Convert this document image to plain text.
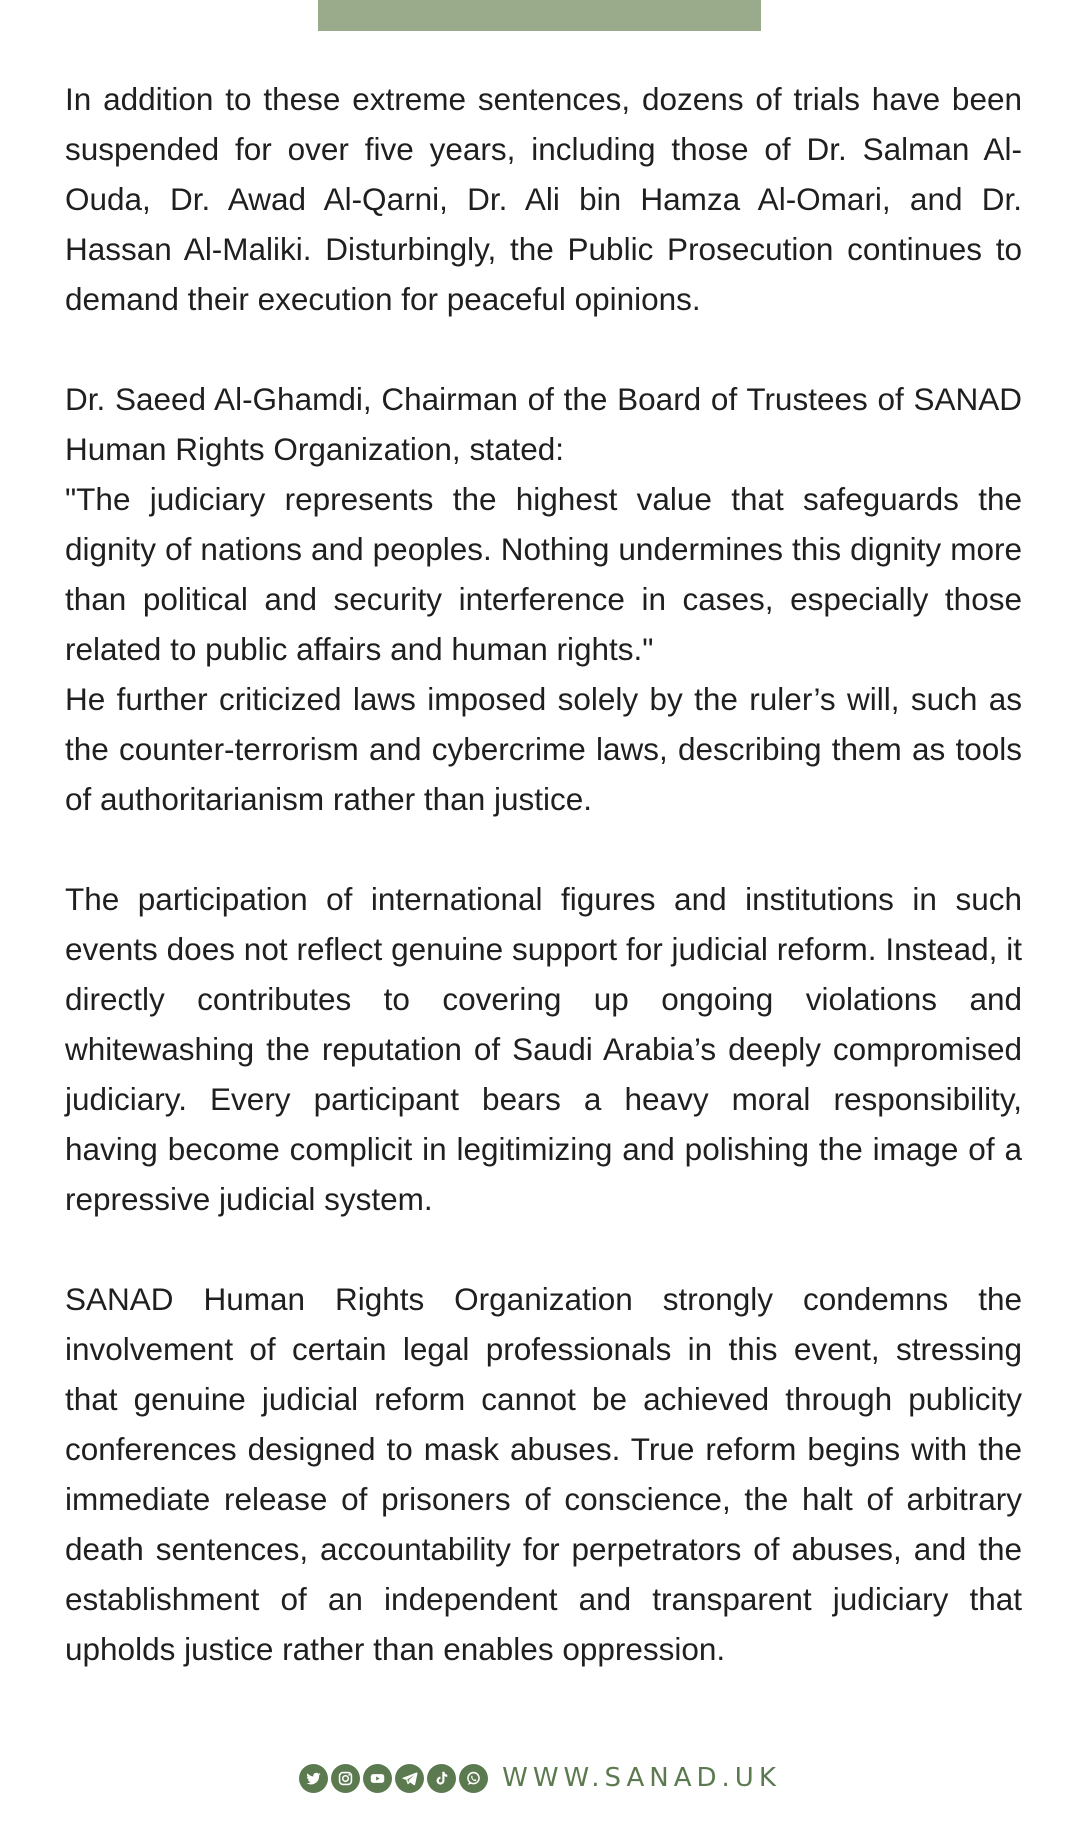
In addition to these extreme sentences, dozens of trials have been suspended for over five years, including those of Dr. Salman Al-Ouda, Dr. Awad Al-Qarni, Dr. Ali bin Hamza Al-Omari, and Dr. Hassan Al-Maliki. Disturbingly, the Public Prosecution continues to demand their execution for peaceful opinions.

Dr. Saeed Al-Ghamdi, Chairman of the Board of Trustees of SANAD Human Rights Organization, stated:

"The judiciary represents the highest value that safeguards the dignity of nations and peoples. Nothing undermines this dignity more than political and security interference in cases, especially those related to public affairs and human rights."

He further criticized laws imposed solely by the ruler’s will, such as the counter-terrorism and cybercrime laws, describing them as tools of authoritarianism rather than justice.

The participation of international figures and institutions in such events does not reflect genuine support for judicial reform. Instead, it directly contributes to covering up ongoing violations and whitewashing the reputation of Saudi Arabia’s deeply compromised judiciary. Every participant bears a heavy moral responsibility, having become complicit in legitimizing and polishing the image of a repressive judicial system.

SANAD Human Rights Organization strongly condemns the involvement of certain legal professionals in this event, stressing that genuine judicial reform cannot be achieved through publicity conferences designed to mask abuses. True reform begins with the immediate release of prisoners of conscience, the halt of arbitrary death sentences, accountability for perpetrators of abuses, and the establishment of an independent and transparent judiciary that upholds justice rather than enables oppression.

WWW.SANAD.UK
